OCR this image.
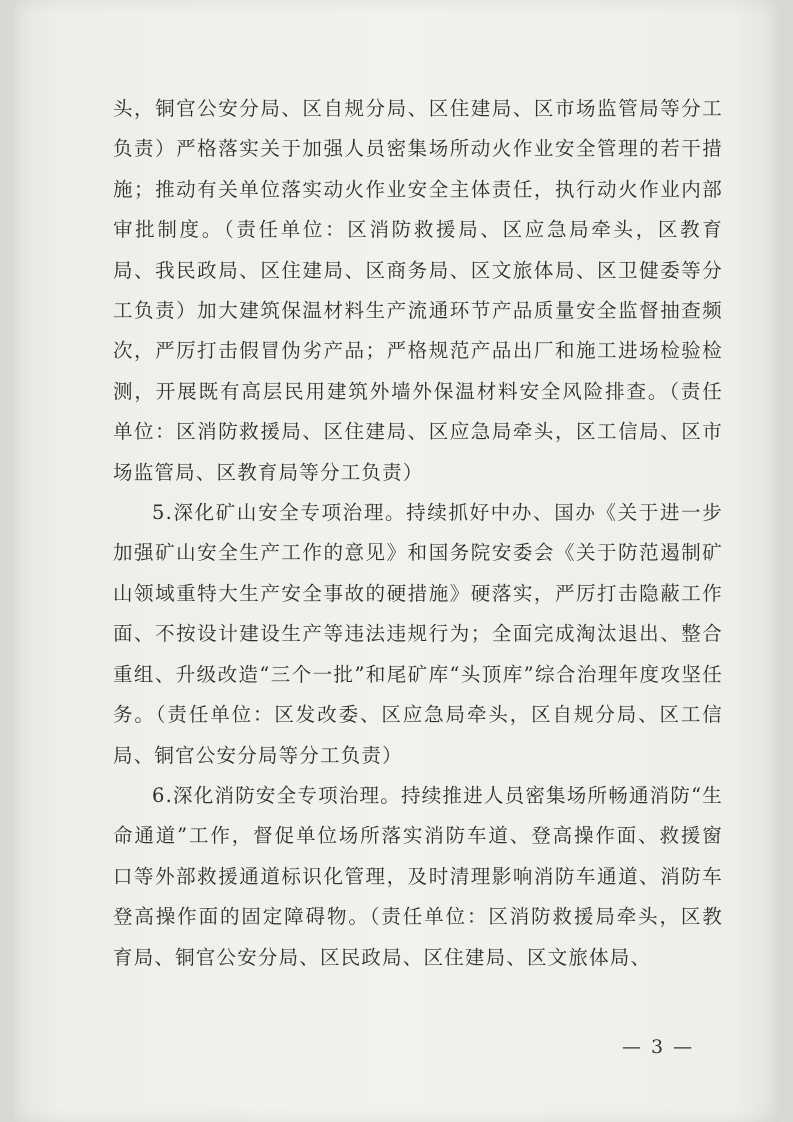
头，铜官公安分局、区自规分局、区住建局、区市场监管局等分工负责）严格落实关于加强人员密集场所动火作业安全管理的若干措施；推动有关单位落实动火作业安全主体责任，执行动火作业内部审批制度。（责任单位：区消防救援局、区应急局牵头，区教育局、我民政局、区住建局、区商务局、区文旅体局、区卫健委等分工负责）加大建筑保温材料生产流通环节产品质量安全监督抽查频次，严厉打击假冒伪劣产品；严格规范产品出厂和施工进场检验检测，开展既有高层民用建筑外墙外保温材料安全风险排查。（责任单位：区消防救援局、区住建局、区应急局牵头，区工信局、区市场监管局、区教育局等分工负责）

5.深化矿山安全专项治理。持续抓好中办、国办《关于进一步加强矿山安全生产工作的意见》和国务院安委会《关于防范遏制矿山领域重特大生产安全事故的硬措施》硬落实，严厉打击隐蔽工作面、不按设计建设生产等违法违规行为；全面完成淘汰退出、整合重组、升级改造“三个一批”和尾矿库“头顶库”综合治理年度攻坚任务。（责任单位：区发改委、区应急局牵头，区自规分局、区工信局、铜官公安分局等分工负责）

6.深化消防安全专项治理。持续推进人员密集场所畅通消防“生命通道”工作，督促单位场所落实消防车道、登高操作面、救援窗口等外部救援通道标识化管理，及时清理影响消防车通道、消防车登高操作面的固定障碍物。（责任单位：区消防救援局牵头，区教育局、铜官公安分局、区民政局、区住建局、区文旅体局、

— 3 —
